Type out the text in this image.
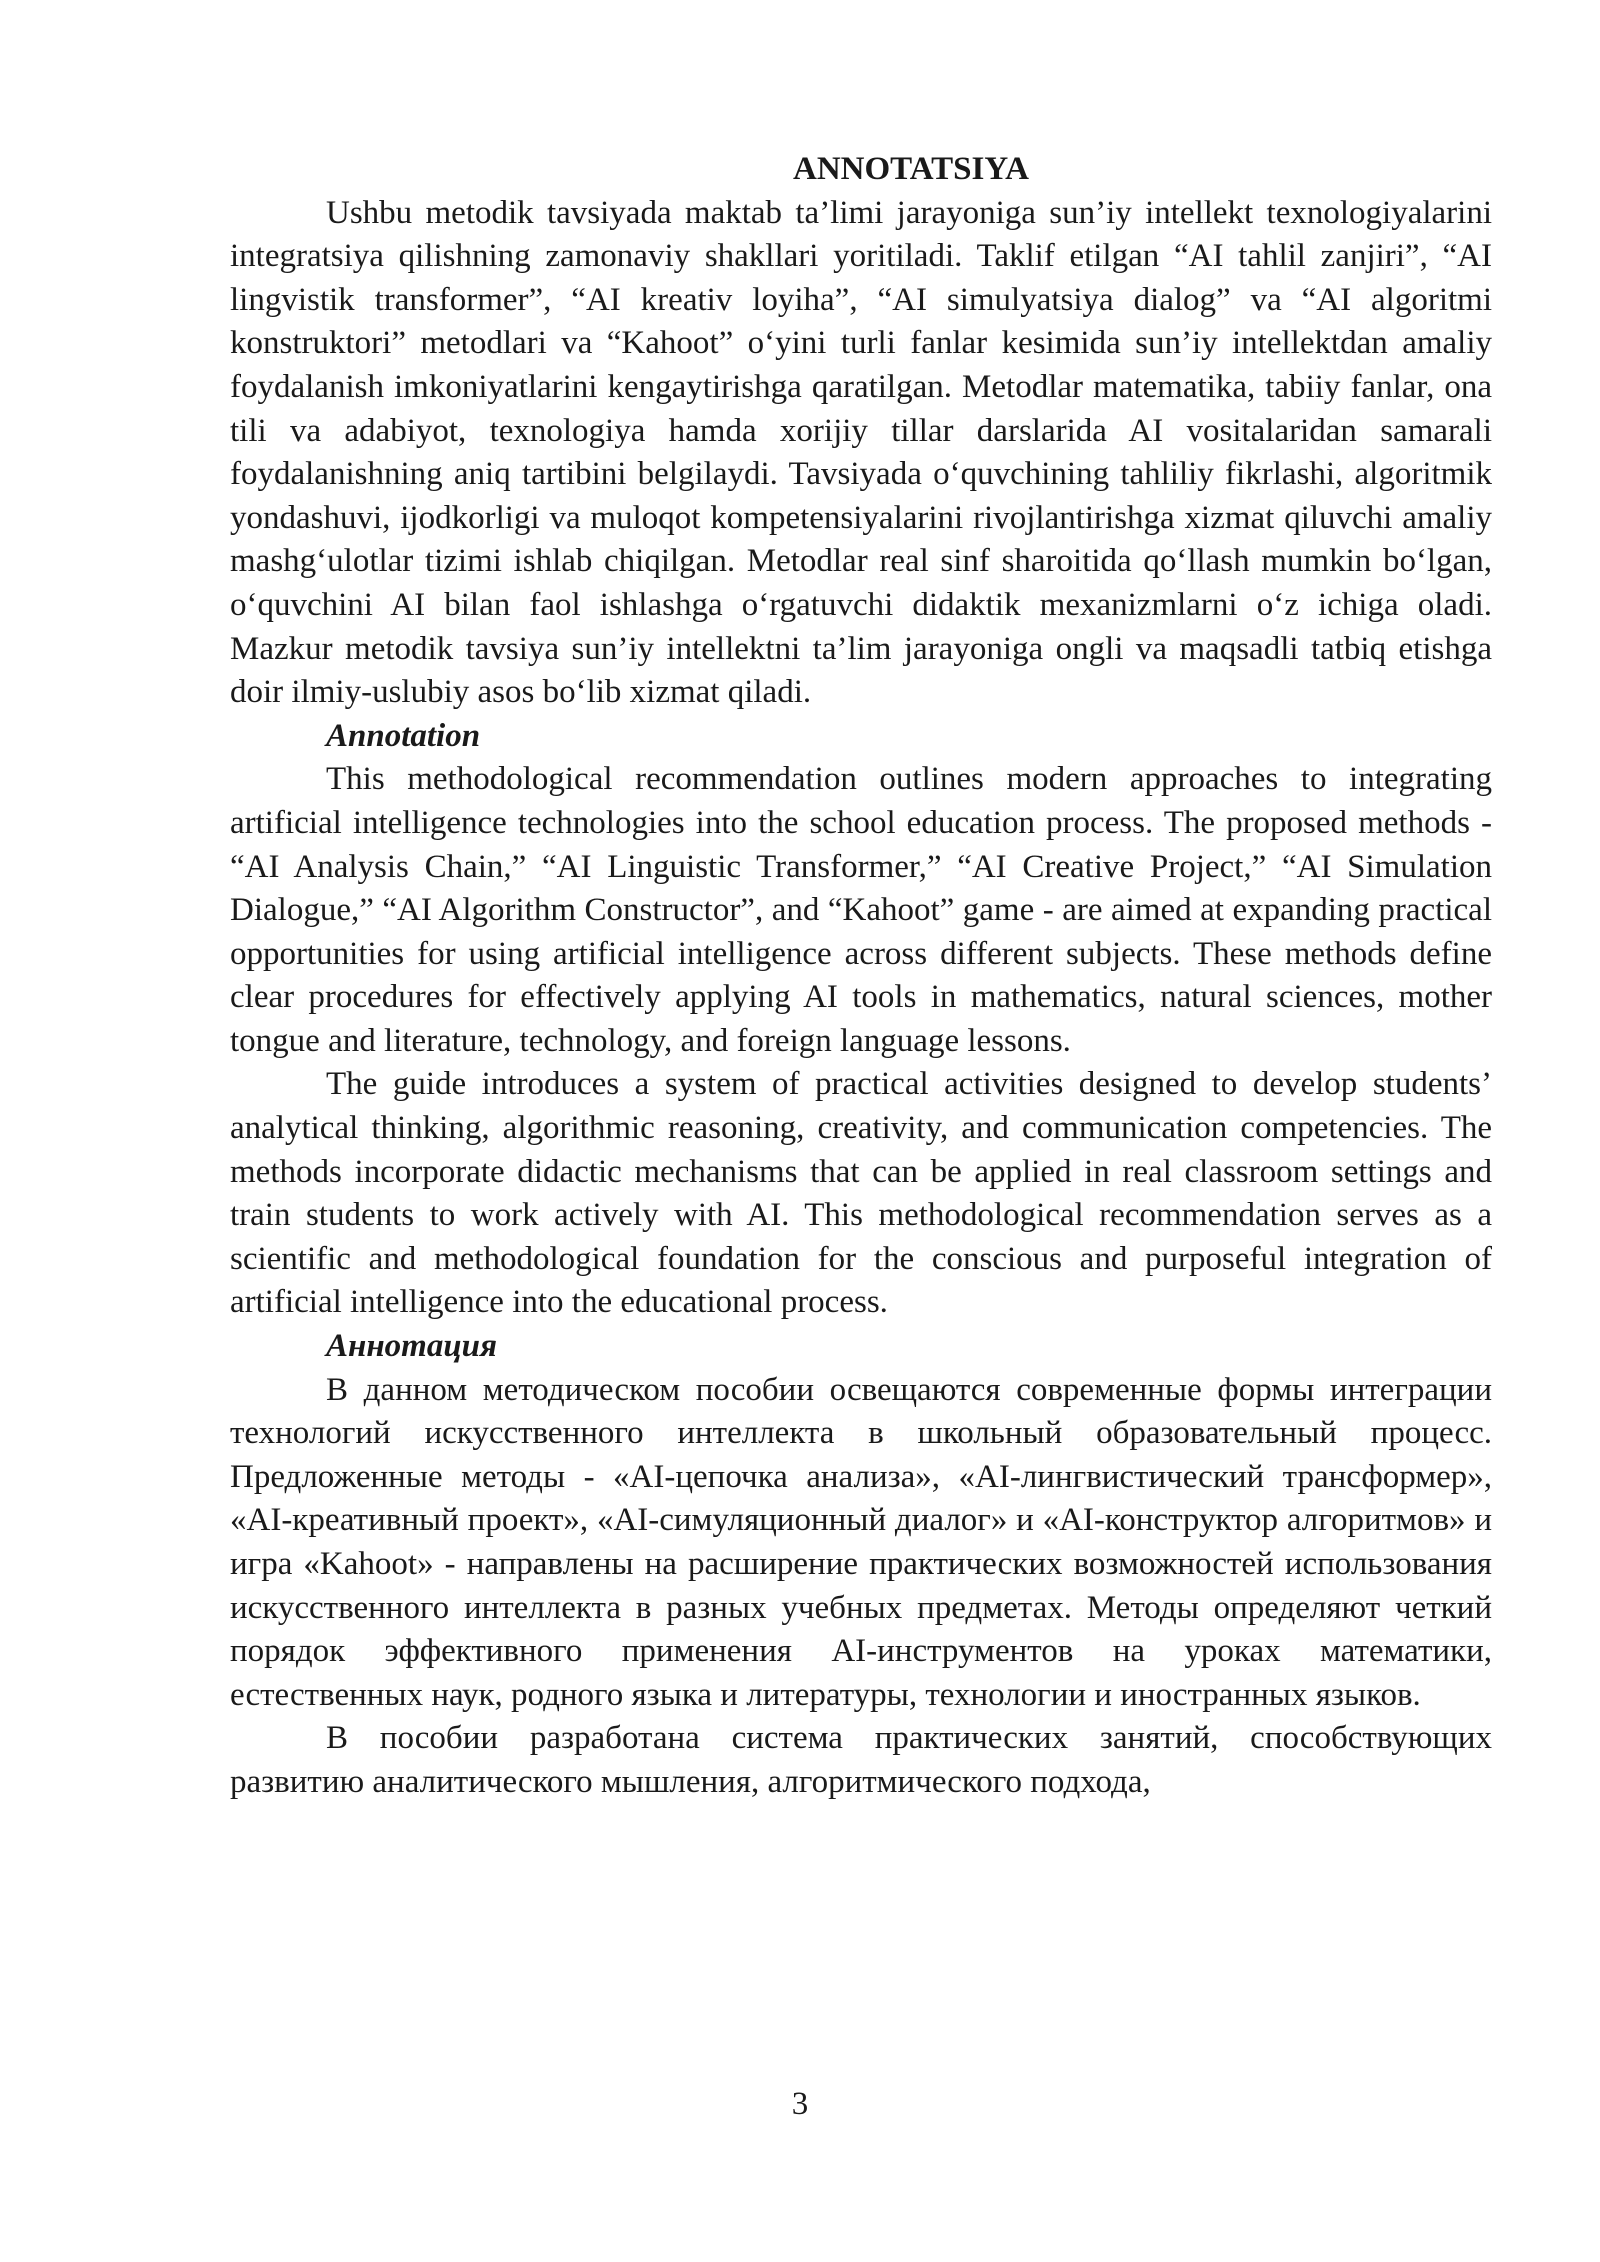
ANNOTATSIYA

Ushbu metodik tavsiyada maktab ta’limi jarayoniga sun’iy intellekt texnologiyalarini integratsiya qilishning zamonaviy shakllari yoritiladi. Taklif etilgan “AI tahlil zanjiri”, “AI lingvistik transformer”, “AI kreativ loyiha”, “AI simulyatsiya dialog” va “AI algoritmi konstruktori” metodlari va “Kahoot” o‘yini turli fanlar kesimida sun’iy intellektdan amaliy foydalanish imkoniyatlarini kengaytirishga qaratilgan. Metodlar matematika, tabiiy fanlar, ona tili va adabiyot, texnologiya hamda xorijiy tillar darslarida AI vositalaridan samarali foydalanishning aniq tartibini belgilaydi. Tavsiyada o‘quvchining tahliliy fikrlashi, algoritmik yondashuvi, ijodkorligi va muloqot kompetensiyalarini rivojlantirishga xizmat qiluvchi amaliy mashg‘ulotlar tizimi ishlab chiqilgan. Metodlar real sinf sharoitida qo‘llash mumkin bo‘lgan, o‘quvchini AI bilan faol ishlashga o‘rgatuvchi didaktik mexanizmlarni o‘z ichiga oladi. Mazkur metodik tavsiya sun’iy intellektni ta’lim jarayoniga ongli va maqsadli tatbiq etishga doir ilmiy-uslubiy asos bo‘lib xizmat qiladi.

Annotation

This methodological recommendation outlines modern approaches to integrating artificial intelligence technologies into the school education process. The proposed methods - “AI Analysis Chain,” “AI Linguistic Transformer,” “AI Creative Project,” “AI Simulation Dialogue,” “AI Algorithm Constructor”, and “Kahoot” game - are aimed at expanding practical opportunities for using artificial intelligence across different subjects. These methods define clear procedures for effectively applying AI tools in mathematics, natural sciences, mother tongue and literature, technology, and foreign language lessons.

The guide introduces a system of practical activities designed to develop students’ analytical thinking, algorithmic reasoning, creativity, and communication competencies. The methods incorporate didactic mechanisms that can be applied in real classroom settings and train students to work actively with AI. This methodological recommendation serves as a scientific and methodological foundation for the conscious and purposeful integration of artificial intelligence into the educational process.

Аннотация

В данном методическом пособии освещаются современные формы интеграции технологий искусственного интеллекта в школьный образовательный процесс. Предложенные методы - «AI-цепочка анализа», «AI-лингвистический трансформер», «AI-креативный проект», «AI-симуляционный диалог» и «AI-конструктор алгоритмов» и игра «Kahoot» - направлены на расширение практических возможностей использования искусственного интеллекта в разных учебных предметах. Методы определяют четкий порядок эффективного применения AI-инструментов на уроках математики, естественных наук, родного языка и литературы, технологии и иностранных языков.

В пособии разработана система практических занятий, способствующих развитию аналитического мышления, алгоритмического подхода,

3
